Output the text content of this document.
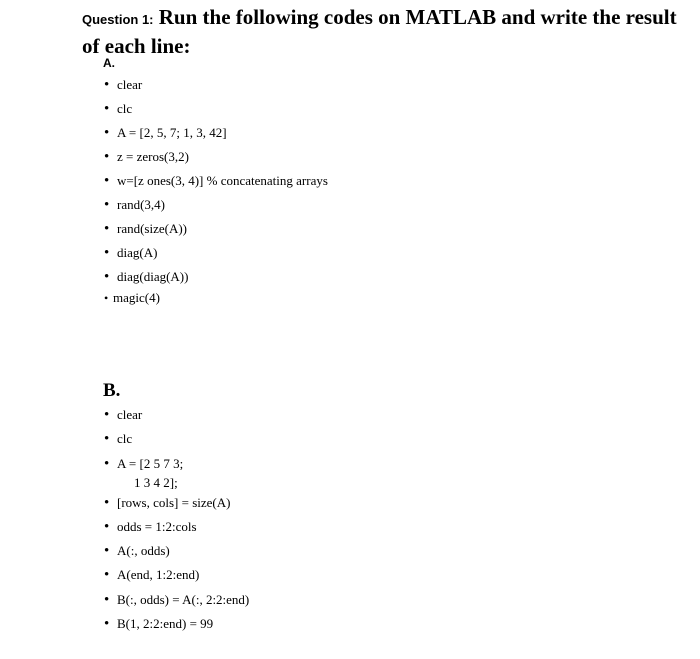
Question 1: Run the following codes on MATLAB and write the result of each line:
A.
• clear
• clc
• A = [2, 5, 7; 1, 3, 42]
• z = zeros(3,2)
• w=[z ones(3, 4)] % concatenating arrays
• rand(3,4)
• rand(size(A))
• diag(A)
• diag(diag(A))
• magic(4)
B.
• clear
• clc
• A = [2 5 7 3;
1 3 4 2];
• [rows, cols] = size(A)
• odds = 1:2:cols
• A(:, odds)
• A(end, 1:2:end)
• B(:, odds) = A(:, 2:2:end)
• B(1, 2:2:end) = 99
